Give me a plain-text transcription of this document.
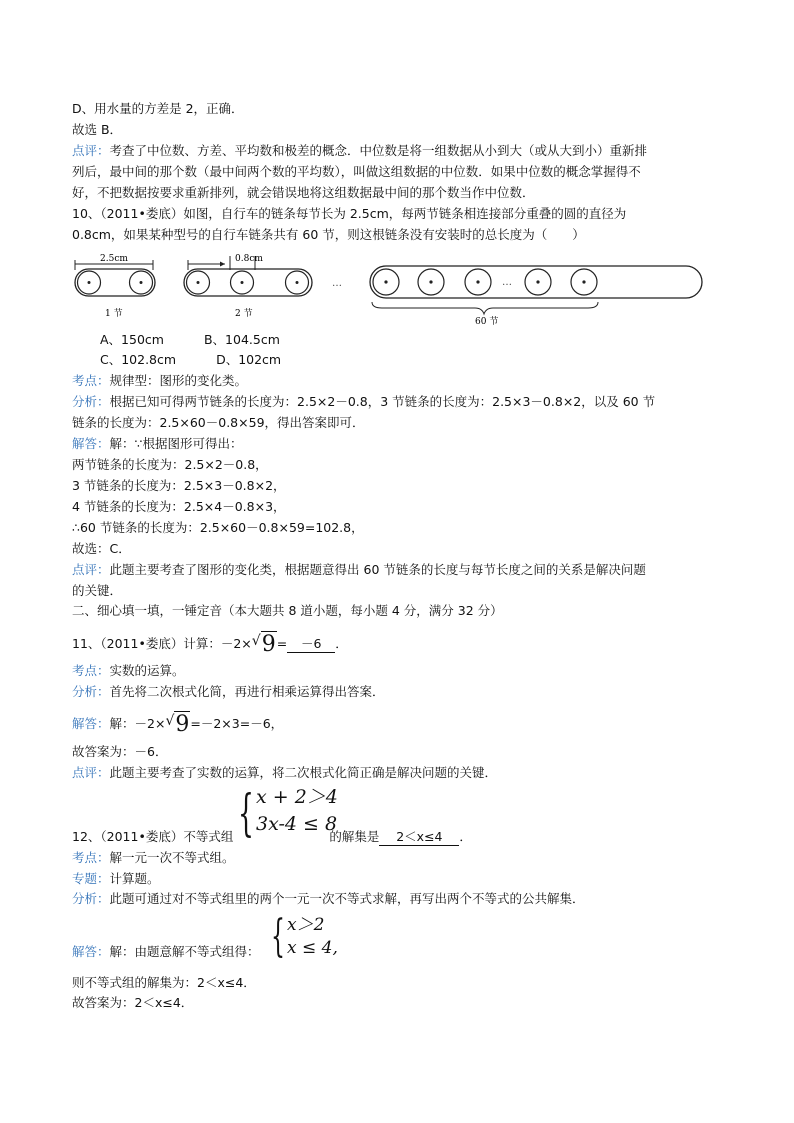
D、用水量的方差是 2，正确．
故选 B．
点评：考查了中位数、方差、平均数和极差的概念．中位数是将一组数据从小到大（或从大到小）重新排
列后，最中间的那个数（最中间两个数的平均数），叫做这组数据的中位数．如果中位数的概念掌握得不
好，不把数据按要求重新排列，就会错误地将这组数据最中间的那个数当作中位数．
10、（2011•娄底）如图，自行车的链条每节长为 2.5cm，每两节链条相连接部分重叠的圆的直径为
0.8cm，如果某种型号的自行车链条共有 60 节，则这根链条没有安装时的总长度为（　　）
2.5cm
1 节
0.8cm
2 节
…	…
60 节
A、150cm	B、104.5cm
C、102.8cm	D、102cm
考点：规律型：图形的变化类。
分析：根据已知可得两节链条的长度为：2.5×2－0.8，3 节链条的长度为：2.5×3－0.8×2，以及 60 节
链条的长度为：2.5×60－0.8×59，得出答案即可．
解答：解：∵根据图形可得出：
两节链条的长度为：2.5×2－0.8，
3 节链条的长度为：2.5×3－0.8×2，
4 节链条的长度为：2.5×4－0.8×3，
∴60 节链条的长度为：2.5×60－0.8×59=102.8，
故选：C．
点评：此题主要考查了图形的变化类，根据题意得出 60 节链条的长度与每节长度之间的关系是解决问题
的关键．
二、细心填一填，一锤定音（本大题共 8 道小题，每小题 4 分，满分 32 分）
11、（2011•娄底）计算：－2×√9= －6 ．
考点：实数的运算。
分析：首先将二次根式化简，再进行相乘运算得出答案．
解答：解：－2×√9=－2×3=－6，
故答案为：－6．
点评：此题主要考查了实数的运算，将二次根式化简正确是解决问题的关键．
{ x + 2＞4
3x-4 ≤ 8
12、（2011•娄底）不等式组	的解集是 2＜x≤4 ．
考点：解一元一次不等式组。
专题：计算题。
分析：此题可通过对不等式组里的两个一元一次不等式求解，再写出两个不等式的公共解集．
{ x＞2
x ≤ 4,
解答：解：由题意解不等式组得：
则不等式组的解集为：2＜x≤4．
故答案为：2＜x≤4．
